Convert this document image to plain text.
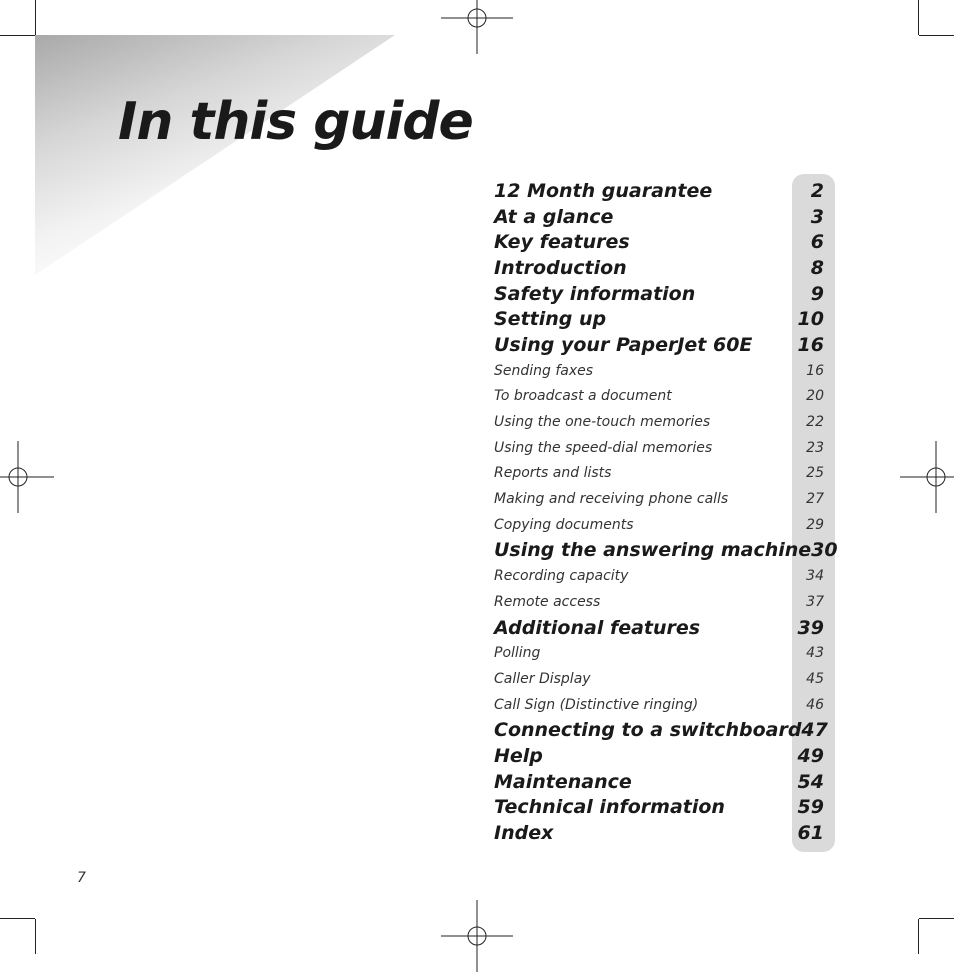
In this guide
12 Month guarantee	2
At a glance	3
Key features	6
Introduction	8
Safety information	9
Setting up	10
Using your PaperJet 60E 16
Sending faxes	16
To broadcast a document	20
Using the one-touch memories	22
Using the speed-dial memories	23
Reports and lists	25
Making and receiving phone calls	27
Copying documents	29
Using the answering machine 30
Recording capacity	34
Remote access	37
Additional features	39
Polling	43
Caller Display	45
Call Sign (Distinctive ringing)	46
Connecting to a switchboard 47
Help	49
Maintenance	54
Technical information	59
Index	61
7
